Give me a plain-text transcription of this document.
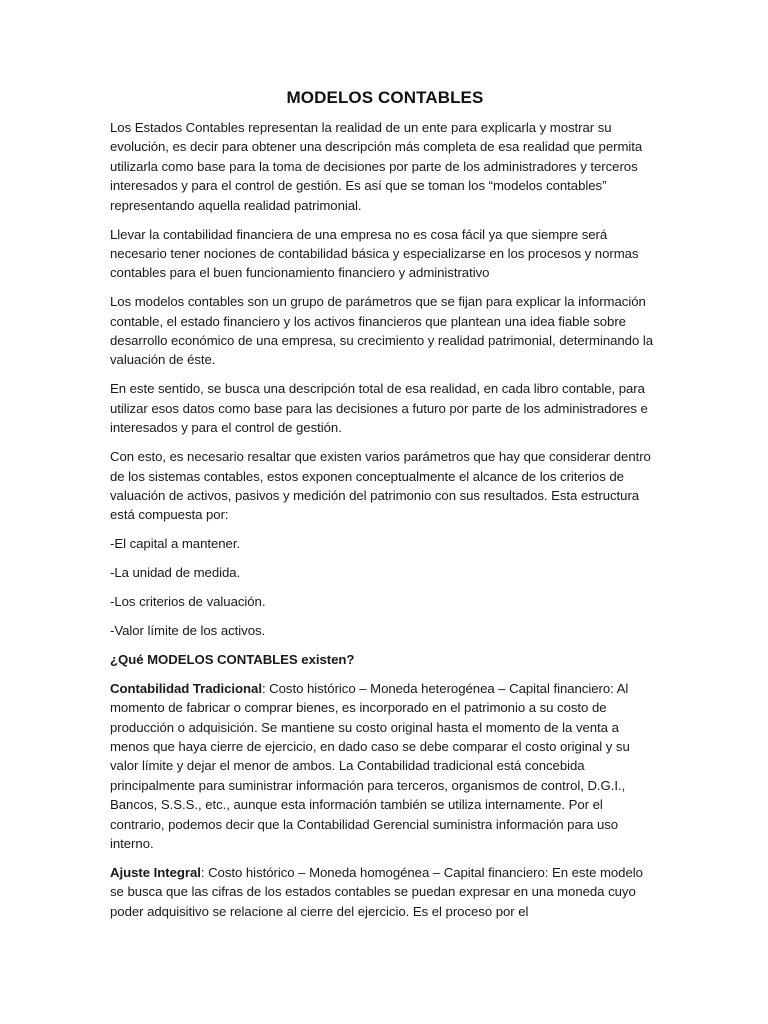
MODELOS CONTABLES

Los Estados Contables representan la realidad de un ente para explicarla y mostrar su evolución, es decir para obtener una descripción más completa de esa realidad que permita utilizarla como base para la toma de decisiones por parte de los administradores y terceros interesados y para el control de gestión. Es así que se toman los “modelos contables” representando aquella realidad patrimonial.

Llevar la contabilidad financiera de una empresa no es cosa fácil ya que siempre será necesario tener nociones de contabilidad básica y especializarse en los procesos y normas contables para el buen funcionamiento financiero y administrativo

Los modelos contables son un grupo de parámetros que se fijan para explicar la información contable, el estado financiero y los activos financieros que plantean una idea fiable sobre desarrollo económico de una empresa, su crecimiento y realidad patrimonial, determinando la valuación de éste.

En este sentido, se busca una descripción total de esa realidad, en cada libro contable, para utilizar esos datos como base para las decisiones a futuro por parte de los administradores e interesados y para el control de gestión.

Con esto, es necesario resaltar que existen varios parámetros que hay que considerar dentro de los sistemas contables, estos exponen conceptualmente el alcance de los criterios de valuación de activos, pasivos y medición del patrimonio con sus resultados. Esta estructura está compuesta por:

-El capital a mantener.

-La unidad de medida.

-Los criterios de valuación.

-Valor límite de los activos.

¿Qué MODELOS CONTABLES existen?

Contabilidad Tradicional: Costo histórico – Moneda heterogénea – Capital financiero: Al momento de fabricar o comprar bienes, es incorporado en el patrimonio a su costo de producción o adquisición. Se mantiene su costo original hasta el momento de la venta a menos que haya cierre de ejercicio, en dado caso se debe comparar el costo original y su valor límite y dejar el menor de ambos. La Contabilidad tradicional está concebida principalmente para suministrar información para terceros, organismos de control, D.G.I., Bancos, S.S.S., etc., aunque esta información también se utiliza internamente. Por el contrario, podemos decir que la Contabilidad Gerencial suministra información para uso interno.

Ajuste Integral: Costo histórico – Moneda homogénea – Capital financiero: En este modelo se busca que las cifras de los estados contables se puedan expresar en una moneda cuyo poder adquisitivo se relacione al cierre del ejercicio. Es el proceso por el
